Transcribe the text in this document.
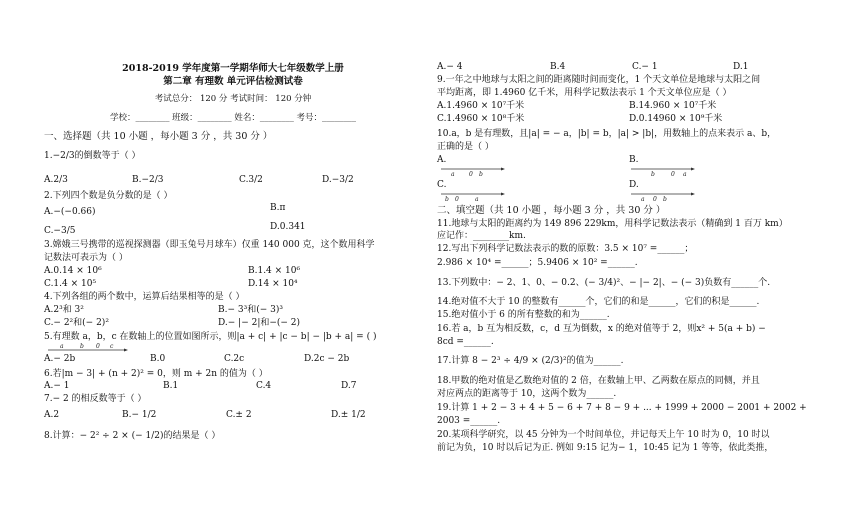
2018-2019 学年度第一学期华师大七年级数学上册
第二章 有理数 单元评估检测试卷
考试总分： 120 分 考试时间： 120 分钟
学校：________ 班级：________ 姓名：________ 考号：________
一、选择题（共 10 小题 ，每小题 3 分 ，共 30 分 ）
1.−2/3的倒数等于（ ）
A.2/3	B.−2/3	C.3/2	D.−3/2
2.下列四个数是负分数的是（ ）
A.−(−0.66)	B.π
C.−3/5	D.0.341
3.嫦娥三号携带的巡视探测器（即玉兔号月球车）仅重 140 000 克，这个数用科学
记数法可表示为（ ）
A.0.14 × 10⁶	B.1.4 × 10⁶
C.1.4 × 10⁵	D.14 × 10⁴
4.下列各组的两个数中，运算后结果相等的是（ ）
A.2³和 3²	B.− 3³和(− 3)³
C.− 2²和(− 2)²	D.− |− 2|和−(− 2)
5.有理数 a，b，c 在数轴上的位置如图所示，则|a + c| + |c − b| − |b + a| = ( )
a	b 0 c
A.− 2b	B.0	C.2c	D.2c − 2b
6.若|m − 3| + (n + 2)² = 0，则 m + 2n 的值为（ ）
A.− 1	B.1	C.4	D.7
7.− 2 的相反数等于（ ）
A.2	B.− 1/2	C.± 2	D.± 1/2
8.计算：− 2² ÷ 2 × (− 1/2)的结果是（ ）
A.− 4	B.4	C.− 1	D.1
9.一年之中地球与太阳之间的距离随时间而变化，1 个天文单位是地球与太阳之间
平均距离，即 1.4960 亿千米，用科学记数法表示 1 个天文单位应是（ ）
A.1.4960 × 10⁷千米	B.14.960 × 10⁷千米
C.1.4960 × 10⁸千米	D.0.14960 × 10⁹千米
10.a，b 是有理数，且|a| = − a，|b| = b，|a| > |b|，用数轴上的点来表示 a、b，
正确的是（ ）
A.
a 0 b
B.
b	0 a
C.
b 0	a
D.
a 0 b
二、填空题（共 10 小题 ，每小题 3 分 ，共 30 分 ）
11.地球与太阳的距离约为 149 896 229km，用科学记数法表示（精确到 1 百万 km）
应记作：________km.
12.写出下列科学记数法表示的数的原数：3.5 × 10⁷ =______；
2.986 × 10⁴ =______；5.9406 × 10² =______.
13.下列数中：− 2、1、0、− 0.2、(− 3/4)²、− |− 2|、− (− 3)负数有______个.
14.绝对值不大于 10 的整数有______个，它们的和是______，它们的积是______.
15.绝对值小于 6 的所有整数的和为______.
16.若 a，b 互为相反数，c，d 互为倒数，x 的绝对值等于 2，则x² + 5(a + b) −
8cd =______.
17.计算 8 − 2³ ÷ 4/9 × (2/3)²的值为______.
18.甲数的绝对值是乙数绝对值的 2 倍，在数轴上甲、乙两数在原点的同侧，并且
对应两点的距离等于 10，这两个数为______.
19.计算 1 + 2 − 3 + 4 + 5 − 6 + 7 + 8 − 9 + ... + 1999 + 2000 − 2001 + 2002 +
2003 =______.
20.某项科学研究，以 45 分钟为一个时间单位，并记每天上午 10 时为 0，10 时以
前记为负，10 时以后记为正. 例如 9:15 记为− 1，10:45 记为 1 等等，依此类推，
